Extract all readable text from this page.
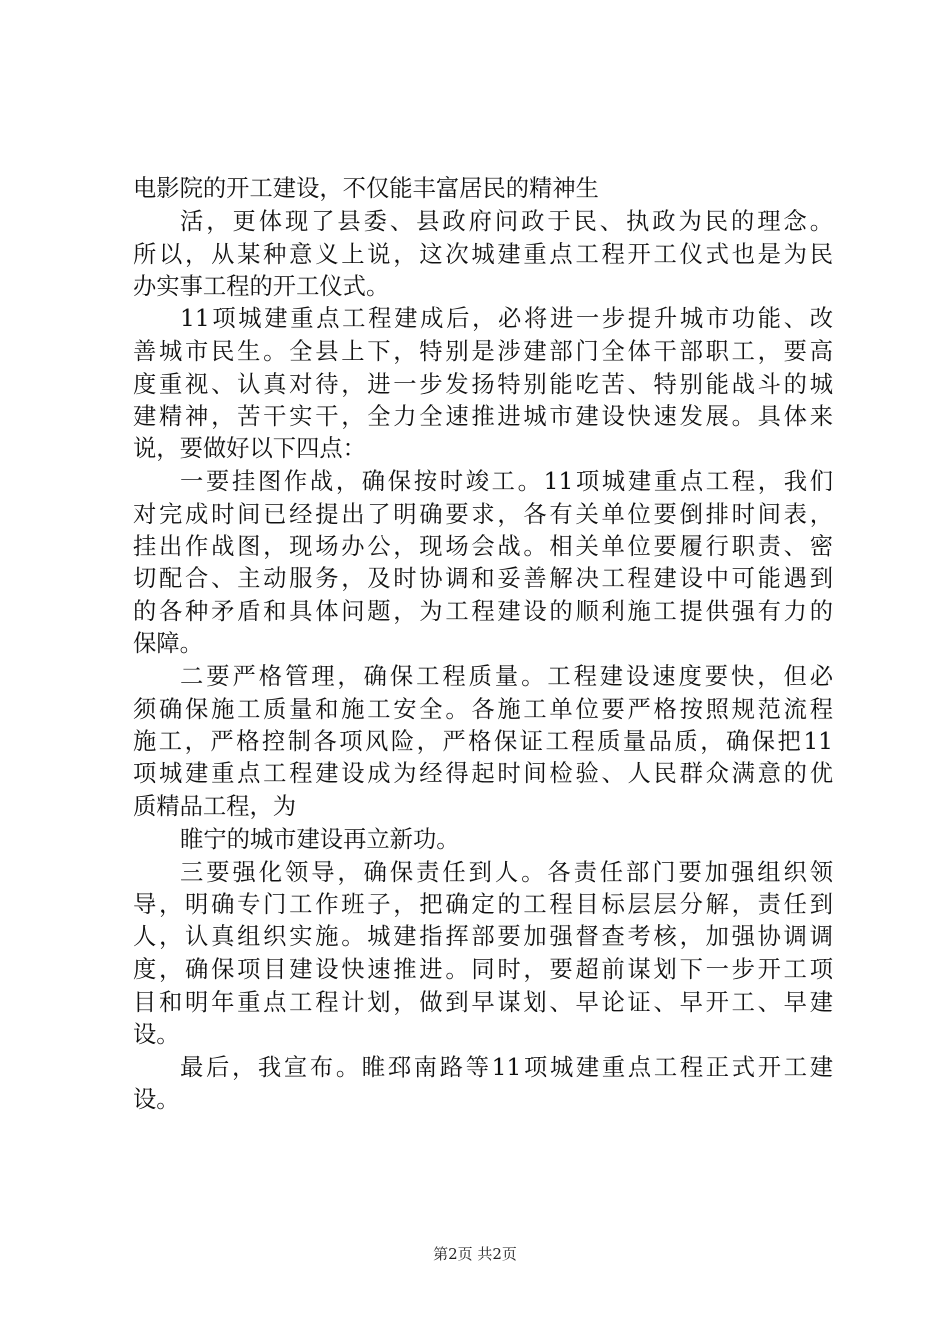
电影院的开工建设，不仅能丰富居民的精神生
活，更体现了县委、县政府问政于民、执政为民的理念。
所以，从某种意义上说，这次城建重点工程开工仪式也是为民
办实事工程的开工仪式。
11项城建重点工程建成后，必将进一步提升城市功能、改
善城市民生。全县上下，特别是涉建部门全体干部职工，要高
度重视、认真对待，进一步发扬特别能吃苦、特别能战斗的城
建精神，苦干实干，全力全速推进城市建设快速发展。具体来
说，要做好以下四点：
一要挂图作战，确保按时竣工。11项城建重点工程，我们
对完成时间已经提出了明确要求，各有关单位要倒排时间表，
挂出作战图，现场办公，现场会战。相关单位要履行职责、密
切配合、主动服务，及时协调和妥善解决工程建设中可能遇到
的各种矛盾和具体问题，为工程建设的顺利施工提供强有力的
保障。
二要严格管理，确保工程质量。工程建设速度要快，但必
须确保施工质量和施工安全。各施工单位要严格按照规范流程
施工，严格控制各项风险，严格保证工程质量品质，确保把11
项城建重点工程建设成为经得起时间检验、人民群众满意的优
质精品工程，为
睢宁的城市建设再立新功。
三要强化领导，确保责任到人。各责任部门要加强组织领
导，明确专门工作班子，把确定的工程目标层层分解，责任到
人，认真组织实施。城建指挥部要加强督查考核，加强协调调
度，确保项目建设快速推进。同时，要超前谋划下一步开工项
目和明年重点工程计划，做到早谋划、早论证、早开工、早建
设。
最后，我宣布。睢邳南路等11项城建重点工程正式开工建
设。
第2页 共2页
